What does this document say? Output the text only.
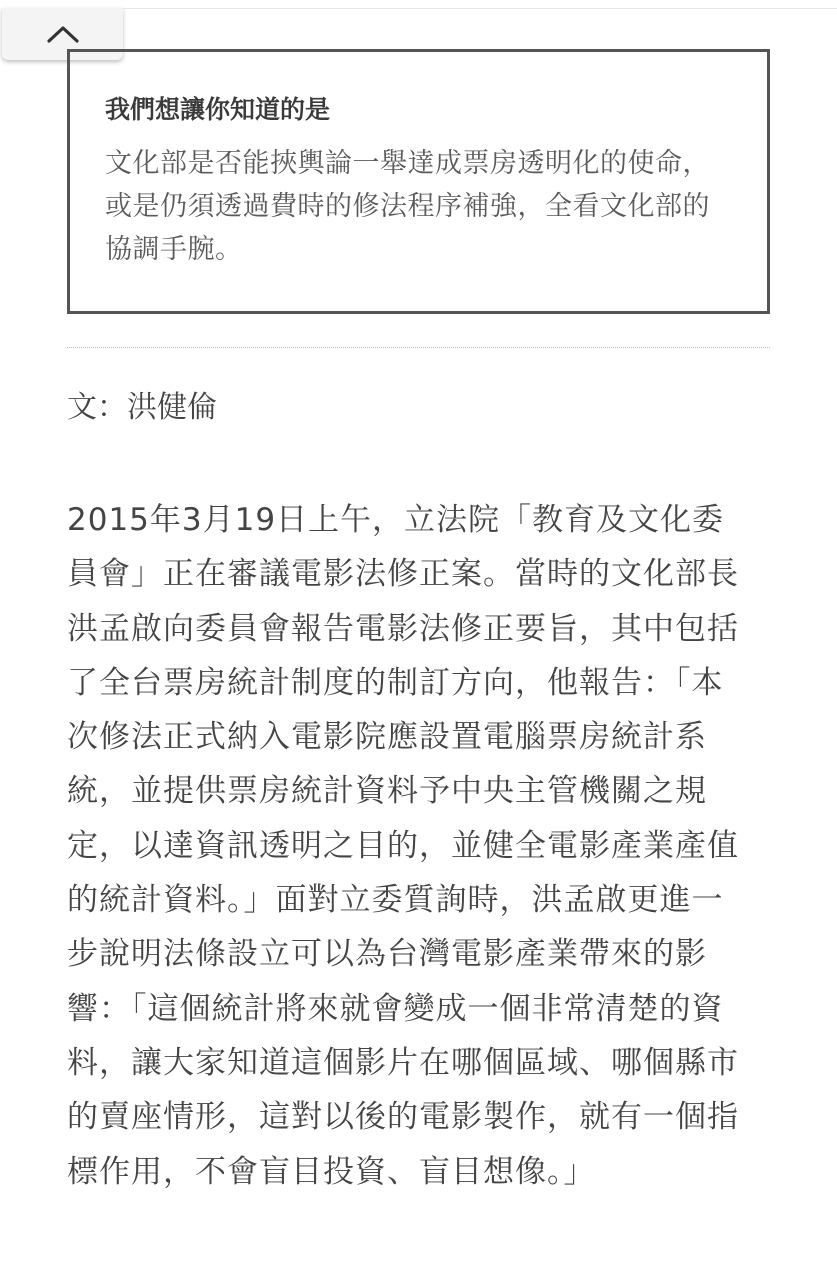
我們想讓你知道的是

文化部是否能挾輿論一舉達成票房透明化的使命，或是仍須透過費時的修法程序補強，全看文化部的協調手腕。

文：洪健倫

2015年3月19日上午，立法院「教育及文化委員會」正在審議電影法修正案。當時的文化部長洪孟啟向委員會報告電影法修正要旨，其中包括了全台票房統計制度的制訂方向，他報告：「本次修法正式納入電影院應設置電腦票房統計系統，並提供票房統計資料予中央主管機關之規定，以達資訊透明之目的，並健全電影產業產值的統計資料。」面對立委質詢時，洪孟啟更進一步說明法條設立可以為台灣電影產業帶來的影響：「這個統計將來就會變成一個非常清楚的資料，讓大家知道這個影片在哪個區域、哪個縣市的賣座情形，這對以後的電影製作，就有一個指標作用，不會盲目投資、盲目想像。」
